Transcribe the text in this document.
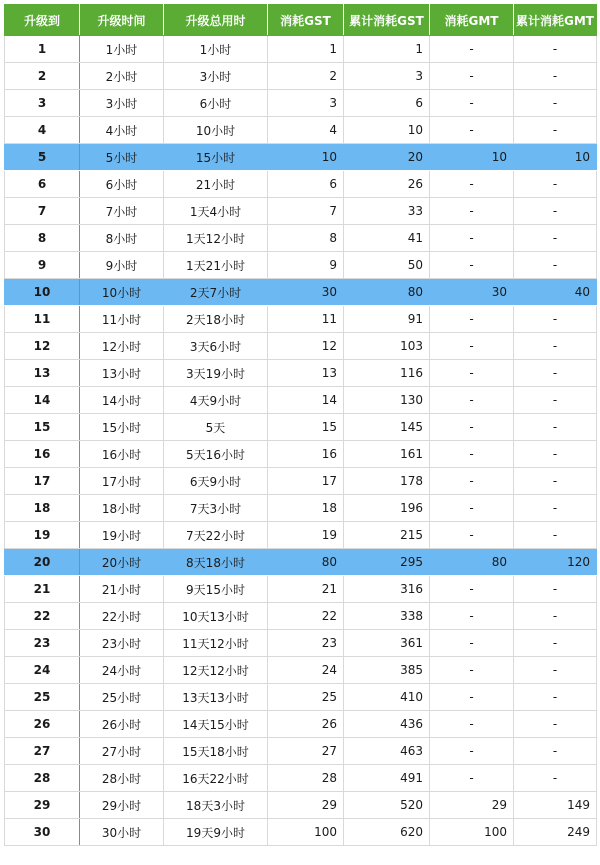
升级到	升级时间	升级总用时	消耗GST	累计消耗GST	消耗GMT	累计消耗GMT
1	1小时	1小时	1	1	-	-
2	2小时	3小时	2	3	-	-
3	3小时	6小时	3	6	-	-
4	4小时	10小时	4	10	-	-
5	5小时	15小时	10	20	10	10
6	6小时	21小时	6	26	-	-
7	7小时	1天4小时	7	33	-	-
8	8小时	1天12小时	8	41	-	-
9	9小时	1天21小时	9	50	-	-
10	10小时	2天7小时	30	80	30	40
11	11小时	2天18小时	11	91	-	-
12	12小时	3天6小时	12	103	-	-
13	13小时	3天19小时	13	116	-	-
14	14小时	4天9小时	14	130	-	-
15	15小时	5天	15	145	-	-
16	16小时	5天16小时	16	161	-	-
17	17小时	6天9小时	17	178	-	-
18	18小时	7天3小时	18	196	-	-
19	19小时	7天22小时	19	215	-	-
20	20小时	8天18小时	80	295	80	120
21	21小时	9天15小时	21	316	-	-
22	22小时	10天13小时	22	338	-	-
23	23小时	11天12小时	23	361	-	-
24	24小时	12天12小时	24	385	-	-
25	25小时	13天13小时	25	410	-	-
26	26小时	14天15小时	26	436	-	-
27	27小时	15天18小时	27	463	-	-
28	28小时	16天22小时	28	491	-	-
29	29小时	18天3小时	29	520	29	149
30	30小时	19天9小时	100	620	100	249
